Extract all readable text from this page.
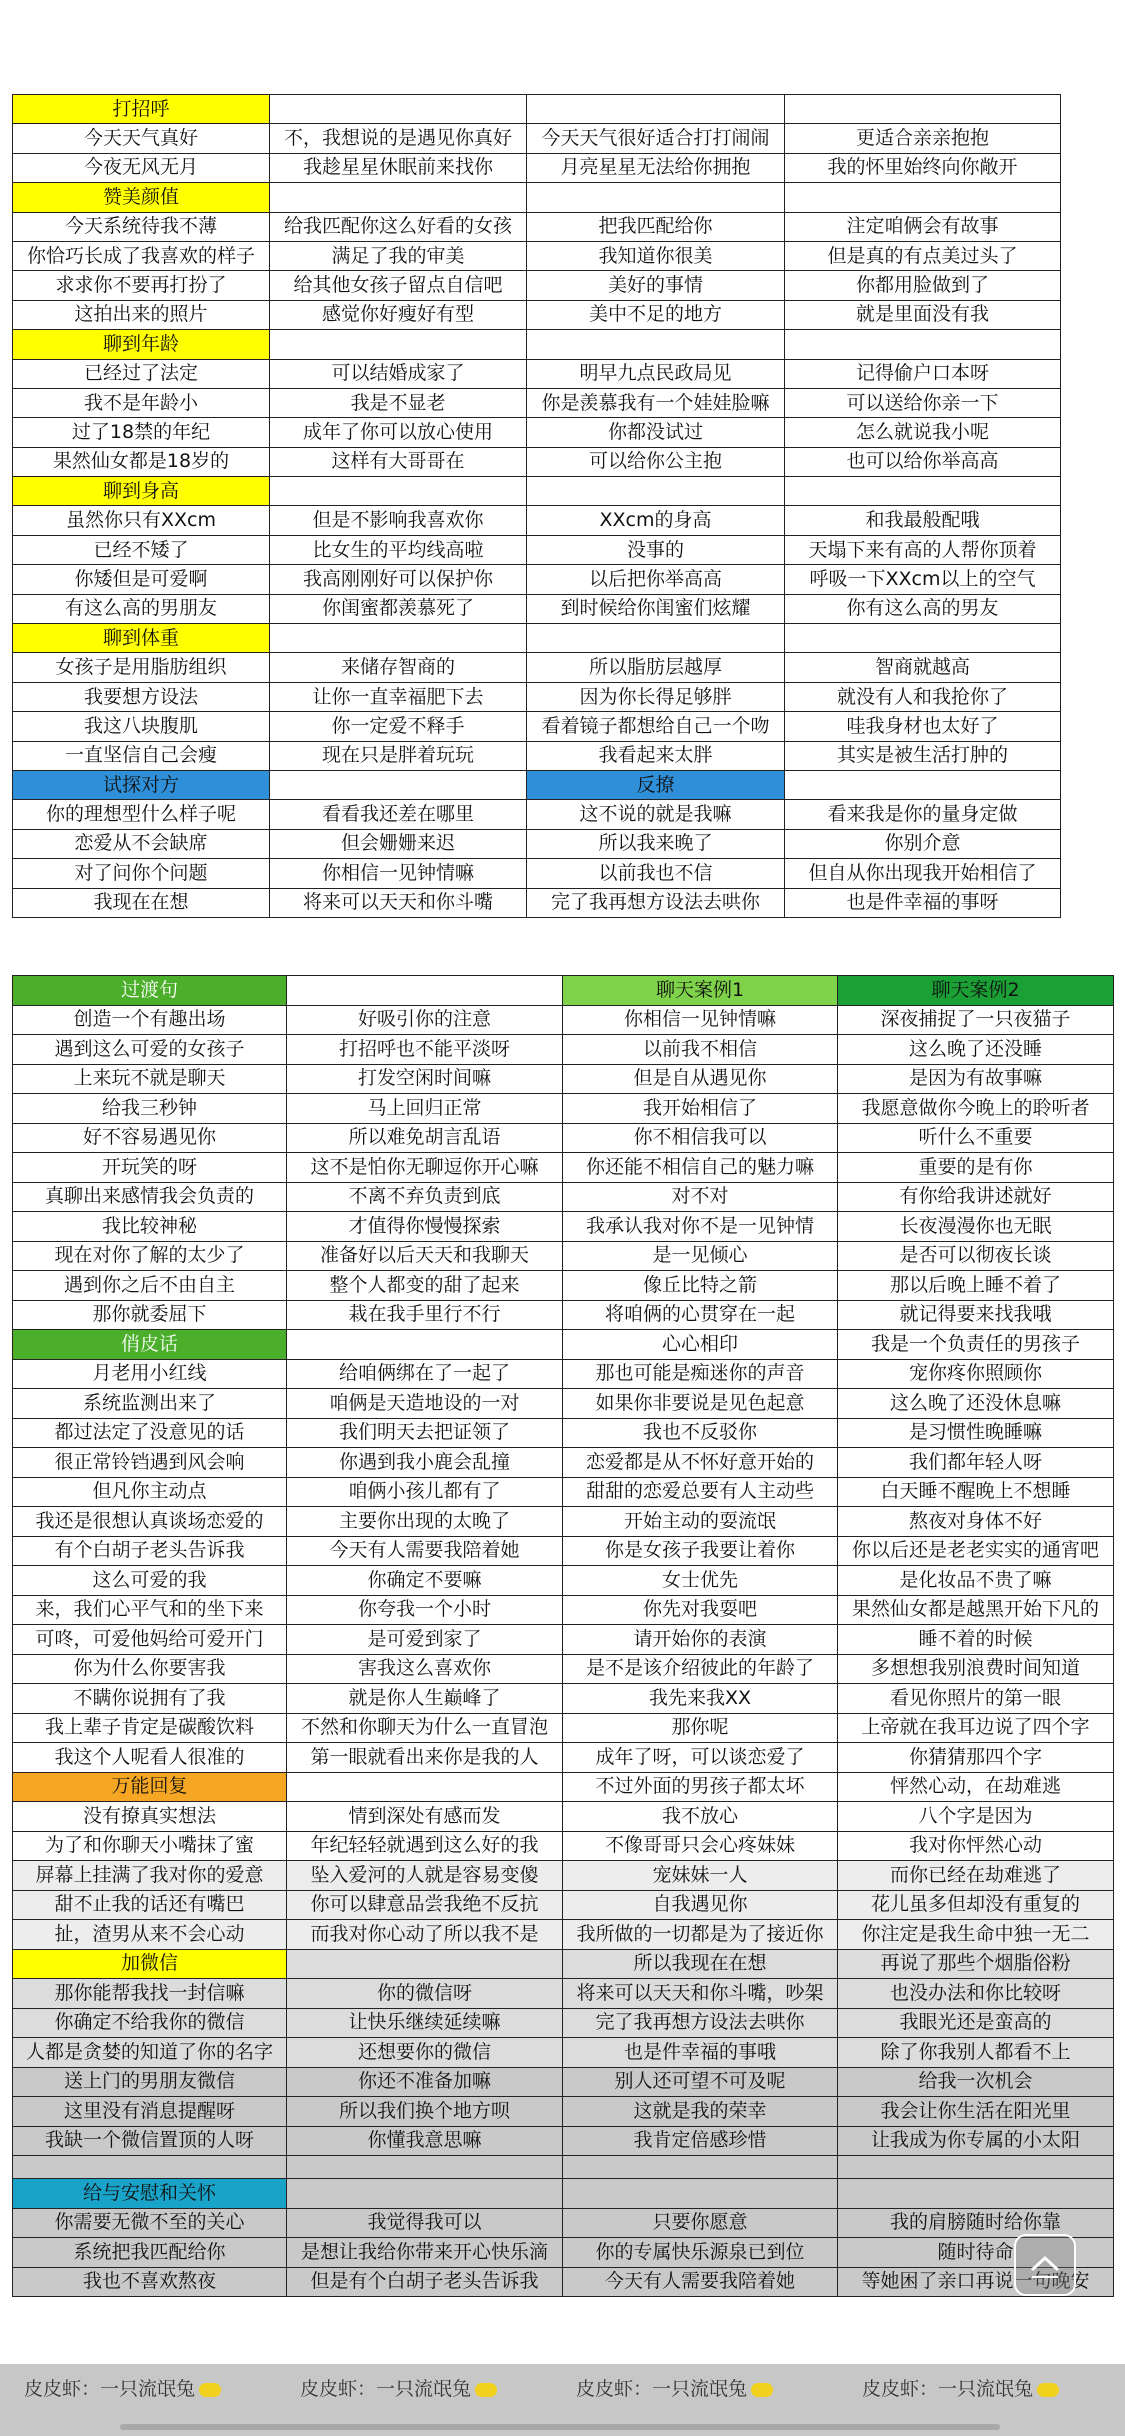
打招呼			
今天天气真好	不，我想说的是遇见你真好	今天天气很好适合打打闹闹	更适合亲亲抱抱
今夜无风无月	我趁星星休眠前来找你	月亮星星无法给你拥抱	我的怀里始终向你敞开
赞美颜值			
今天系统待我不薄	给我匹配你这么好看的女孩	把我匹配给你	注定咱俩会有故事
你恰巧长成了我喜欢的样子	满足了我的审美	我知道你很美	但是真的有点美过头了
求求你不要再打扮了	给其他女孩子留点自信吧	美好的事情	你都用脸做到了
这拍出来的照片	感觉你好瘦好有型	美中不足的地方	就是里面没有我
聊到年龄			
已经过了法定	可以结婚成家了	明早九点民政局见	记得偷户口本呀
我不是年龄小	我是不显老	你是羡慕我有一个娃娃脸嘛	可以送给你亲一下
过了18禁的年纪	成年了你可以放心使用	你都没试过	怎么就说我小呢
果然仙女都是18岁的	这样有大哥哥在	可以给你公主抱	也可以给你举高高
聊到身高			
虽然你只有XXcm	但是不影响我喜欢你	XXcm的身高	和我最般配哦
已经不矮了	比女生的平均线高啦	没事的	天塌下来有高的人帮你顶着
你矮但是可爱啊	我高刚刚好可以保护你	以后把你举高高	呼吸一下XXcm以上的空气
有这么高的男朋友	你闺蜜都羡慕死了	到时候给你闺蜜们炫耀	你有这么高的男友
聊到体重			
女孩子是用脂肪组织	来储存智商的	所以脂肪层越厚	智商就越高
我要想方设法	让你一直幸福肥下去	因为你长得足够胖	就没有人和我抢你了
我这八块腹肌	你一定爱不释手	看着镜子都想给自己一个吻	哇我身材也太好了
一直坚信自己会瘦	现在只是胖着玩玩	我看起来太胖	其实是被生活打肿的
试探对方		反撩	
你的理想型什么样子呢	看看我还差在哪里	这不说的就是我嘛	看来我是你的量身定做
恋爱从不会缺席	但会姗姗来迟	所以我来晚了	你别介意
对了问你个问题	你相信一见钟情嘛	以前我也不信	但自从你出现我开始相信了
我现在在想	将来可以天天和你斗嘴	完了我再想方设法去哄你	也是件幸福的事呀
过渡句		聊天案例1	聊天案例2
创造一个有趣出场	好吸引你的注意	你相信一见钟情嘛	深夜捕捉了一只夜猫子
遇到这么可爱的女孩子	打招呼也不能平淡呀	以前我不相信	这么晚了还没睡
上来玩不就是聊天	打发空闲时间嘛	但是自从遇见你	是因为有故事嘛
给我三秒钟	马上回归正常	我开始相信了	我愿意做你今晚上的聆听者
好不容易遇见你	所以难免胡言乱语	你不相信我可以	听什么不重要
开玩笑的呀	这不是怕你无聊逗你开心嘛	你还能不相信自己的魅力嘛	重要的是有你
真聊出来感情我会负责的	不离不弃负责到底	对不对	有你给我讲述就好
我比较神秘	才值得你慢慢探索	我承认我对你不是一见钟情	长夜漫漫你也无眠
现在对你了解的太少了	准备好以后天天和我聊天	是一见倾心	是否可以彻夜长谈
遇到你之后不由自主	整个人都变的甜了起来	像丘比特之箭	那以后晚上睡不着了
那你就委屈下	栽在我手里行不行	将咱俩的心贯穿在一起	就记得要来找我哦
俏皮话		心心相印	我是一个负责任的男孩子
月老用小红线	给咱俩绑在了一起了	那也可能是痴迷你的声音	宠你疼你照顾你
系统监测出来了	咱俩是天造地设的一对	如果你非要说是见色起意	这么晚了还没休息嘛
都过法定了没意见的话	我们明天去把证领了	我也不反驳你	是习惯性晚睡嘛
很正常铃铛遇到风会响	你遇到我小鹿会乱撞	恋爱都是从不怀好意开始的	我们都年轻人呀
但凡你主动点	咱俩小孩儿都有了	甜甜的恋爱总要有人主动些	白天睡不醒晚上不想睡
我还是很想认真谈场恋爱的	主要你出现的太晚了	开始主动的耍流氓	熬夜对身体不好
有个白胡子老头告诉我	今天有人需要我陪着她	你是女孩子我要让着你	你以后还是老老实实的通宵吧
这么可爱的我	你确定不要嘛	女士优先	是化妆品不贵了嘛
来，我们心平气和的坐下来	你夸我一个小时	你先对我耍吧	果然仙女都是越黑开始下凡的
可咚，可爱他妈给可爱开门	是可爱到家了	请开始你的表演	睡不着的时候
你为什么你要害我	害我这么喜欢你	是不是该介绍彼此的年龄了	多想想我别浪费时间知道
不瞒你说拥有了我	就是你人生巅峰了	我先来我XX	看见你照片的第一眼
我上辈子肯定是碳酸饮料	不然和你聊天为什么一直冒泡	那你呢	上帝就在我耳边说了四个字
我这个人呢看人很准的	第一眼就看出来你是我的人	成年了呀，可以谈恋爱了	你猜猜那四个字
万能回复		不过外面的男孩子都太坏	怦然心动，在劫难逃
没有撩真实想法	情到深处有感而发	我不放心	八个字是因为
为了和你聊天小嘴抹了蜜	年纪轻轻就遇到这么好的我	不像哥哥只会心疼妹妹	我对你怦然心动
屏幕上挂满了我对你的爱意	坠入爱河的人就是容易变傻	宠妹妹一人	而你已经在劫难逃了
甜不止我的话还有嘴巴	你可以肆意品尝我绝不反抗	自我遇见你	花儿虽多但却没有重复的
扯，渣男从来不会心动	而我对你心动了所以我不是	我所做的一切都是为了接近你	你注定是我生命中独一无二
加微信		所以我现在在想	再说了那些个烟脂俗粉
那你能帮我找一封信嘛	你的微信呀	将来可以天天和你斗嘴，吵架	也没办法和你比较呀
你确定不给我你的微信	让快乐继续延续嘛	完了我再想方设法去哄你	我眼光还是蛮高的
人都是贪婪的知道了你的名字	还想要你的微信	也是件幸福的事哦	除了你我别人都看不上
送上门的男朋友微信	你还不准备加嘛	别人还可望不可及呢	给我一次机会
这里没有消息提醒呀	所以我们换个地方呗	这就是我的荣幸	我会让你生活在阳光里
我缺一个微信置顶的人呀	你懂我意思嘛	我肯定倍感珍惜	让我成为你专属的小太阳

给与安慰和关怀			
你需要无微不至的关心	我觉得我可以	只要你愿意	我的肩膀随时给你靠
系统把我匹配给你	是想让我给你带来开心快乐滴	你的专属快乐源泉已到位	随时待命
我也不喜欢熬夜	但是有个白胡子老头告诉我	今天有人需要我陪着她	等她困了亲口再说一句晚安
皮皮虾：一只流氓兔	皮皮虾：一只流氓兔	皮皮虾：一只流氓兔	皮皮虾：一只流氓兔
